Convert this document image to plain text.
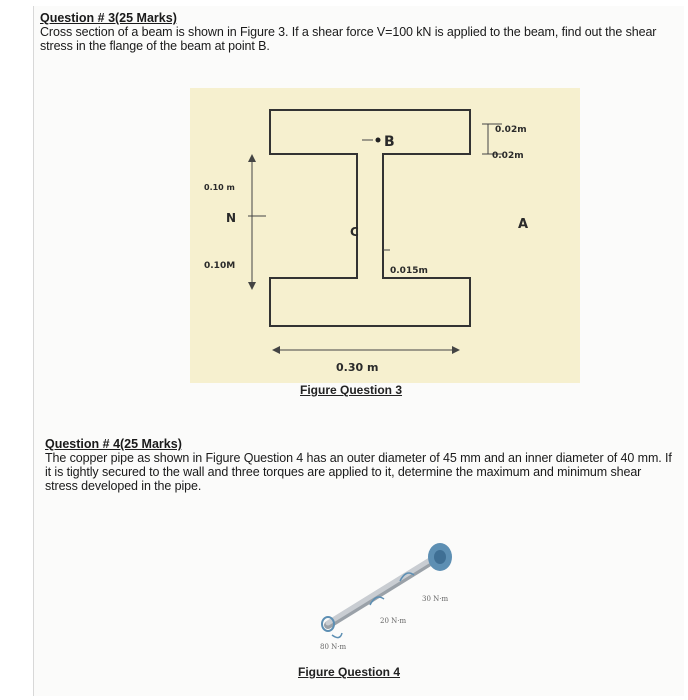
Question # 3(25 Marks)
Cross section of a beam is shown in Figure 3. If a shear force V=100 kN is applied to the beam, find out the shear stress in the flange of the beam at point B.
B
C	A
N
0.02m
0.02m
0.10 m
0.10M	0.015m
0.30 m
Figure Question 3
Question # 4(25 Marks)
The copper pipe as shown in Figure Question 4 has an outer diameter of 45 mm and an inner diameter of 40 mm. If it is tightly secured to the wall and three torques are applied to it, determine the maximum and minimum shear stress developed in the pipe.
30 N·m
20 N·m
80 N·m
Figure Question 4
